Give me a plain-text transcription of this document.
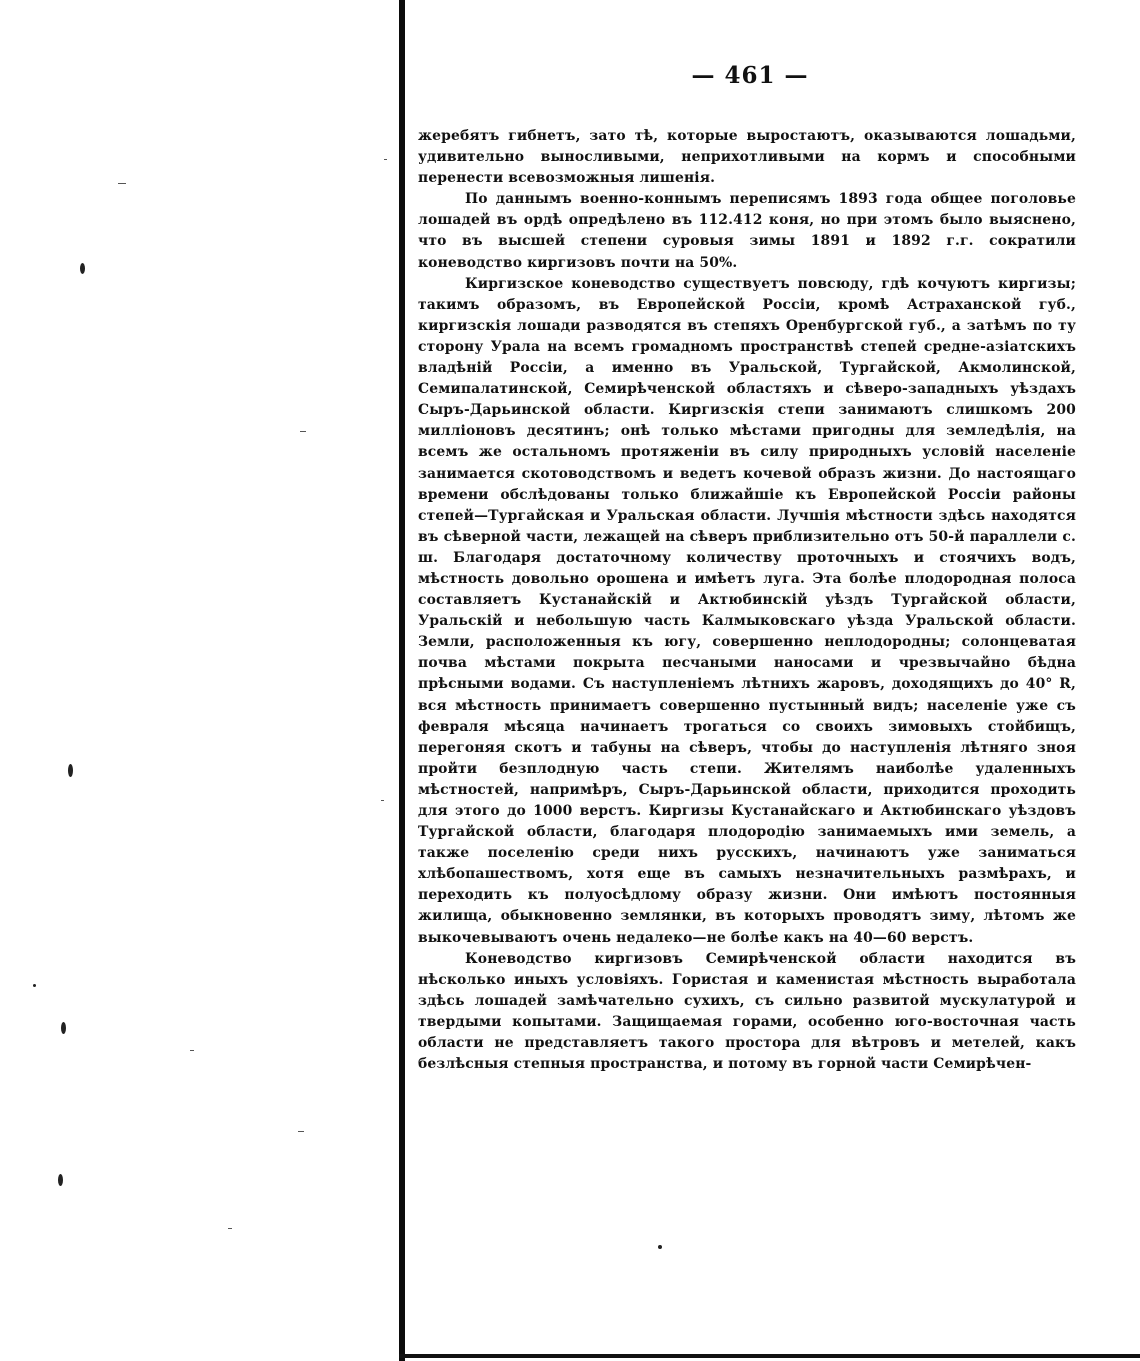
— 461 —

жеребятъ гибнетъ, зато тѣ, которые выростаютъ, оказываются лошадьми, удивительно выносливыми, неприхотливыми на кормъ и способными перенести всевозможныя лишенія.

По даннымъ военно-коннымъ переписямъ 1893 года общее поголовье лошадей въ ордѣ опредѣлено въ 112.412 коня, но при этомъ было выяснено, что въ высшей степени суровыя зимы 1891 и 1892 г.г. сократили коневодство киргизовъ почти на 50%.

Киргизское коневодство существуетъ повсюду, гдѣ кочуютъ киргизы; такимъ образомъ, въ Европейской Россіи, кромѣ Астраханской губ., киргизскія лошади разводятся въ степяхъ Оренбургской губ., а затѣмъ по ту сторону Урала на всемъ громадномъ пространствѣ степей средне-азіатскихъ владѣній Россіи, а именно въ Уральской, Тургайской, Акмолинской, Семипалатинской, Семирѣченской областяхъ и сѣверо-западныхъ уѣздахъ Сыръ-Дарьинской области. Киргизскія степи занимаютъ слишкомъ 200 милліоновъ десятинъ; онѣ только мѣстами пригодны для земледѣлія, на всемъ же остальномъ протяженіи въ силу природныхъ условій населеніе занимается скотоводствомъ и ведетъ кочевой образъ жизни. До настоящаго времени обслѣдованы только ближайшіе къ Европейской Россіи районы степей—Тургайская и Уральская области. Лучшія мѣстности здѣсь находятся въ сѣверной части, лежащей на сѣверъ приблизительно отъ 50-й параллели с. ш. Благодаря достаточному количеству проточныхъ и стоячихъ водъ, мѣстность довольно орошена и имѣетъ луга. Эта болѣе плодородная полоса составляетъ Кустанайскій и Актюбинскій уѣздъ Тургайской области, Уральскій и небольшую часть Калмыковскаго уѣзда Уральской области. Земли, расположенныя къ югу, совершенно неплодородны; солонцеватая почва мѣстами покрыта песчаными наносами и чрезвычайно бѣдна прѣсными водами. Съ наступленіемъ лѣтнихъ жаровъ, доходящихъ до 40° R, вся мѣстность принимаетъ совершенно пустынный видъ; населеніе уже съ февраля мѣсяца начинаетъ трогаться со своихъ зимовыхъ стойбищъ, перегоняя скотъ и табуны на сѣверъ, чтобы до наступленія лѣтняго зноя пройти безплодную часть степи. Жителямъ наиболѣе удаленныхъ мѣстностей, напримѣръ, Сыръ-Дарьинской области, приходится проходить для этого до 1000 верстъ. Киргизы Кустанайскаго и Актюбинскаго уѣздовъ Тургайской области, благодаря плодородію занимаемыхъ ими земель, а также поселенію среди нихъ русскихъ, начинаютъ уже заниматься хлѣбопашествомъ, хотя еще въ самыхъ незначительныхъ размѣрахъ, и переходить къ полуосѣдлому образу жизни. Они имѣютъ постоянныя жилища, обыкновенно землянки, въ которыхъ проводятъ зиму, лѣтомъ же выкочевываютъ очень недалеко—не болѣе какъ на 40—60 верстъ.

Коневодство киргизовъ Семирѣченской области находится въ нѣсколько иныхъ условіяхъ. Гористая и каменистая мѣстность выработала здѣсь лошадей замѣчательно сухихъ, съ сильно развитой мускулатурой и твердыми копытами. Защищаемая горами, особенно юго-восточная часть области не представляетъ такого простора для вѣтровъ и метелей, какъ безлѣсныя степныя пространства, и потому въ горной части Семирѣчен-
